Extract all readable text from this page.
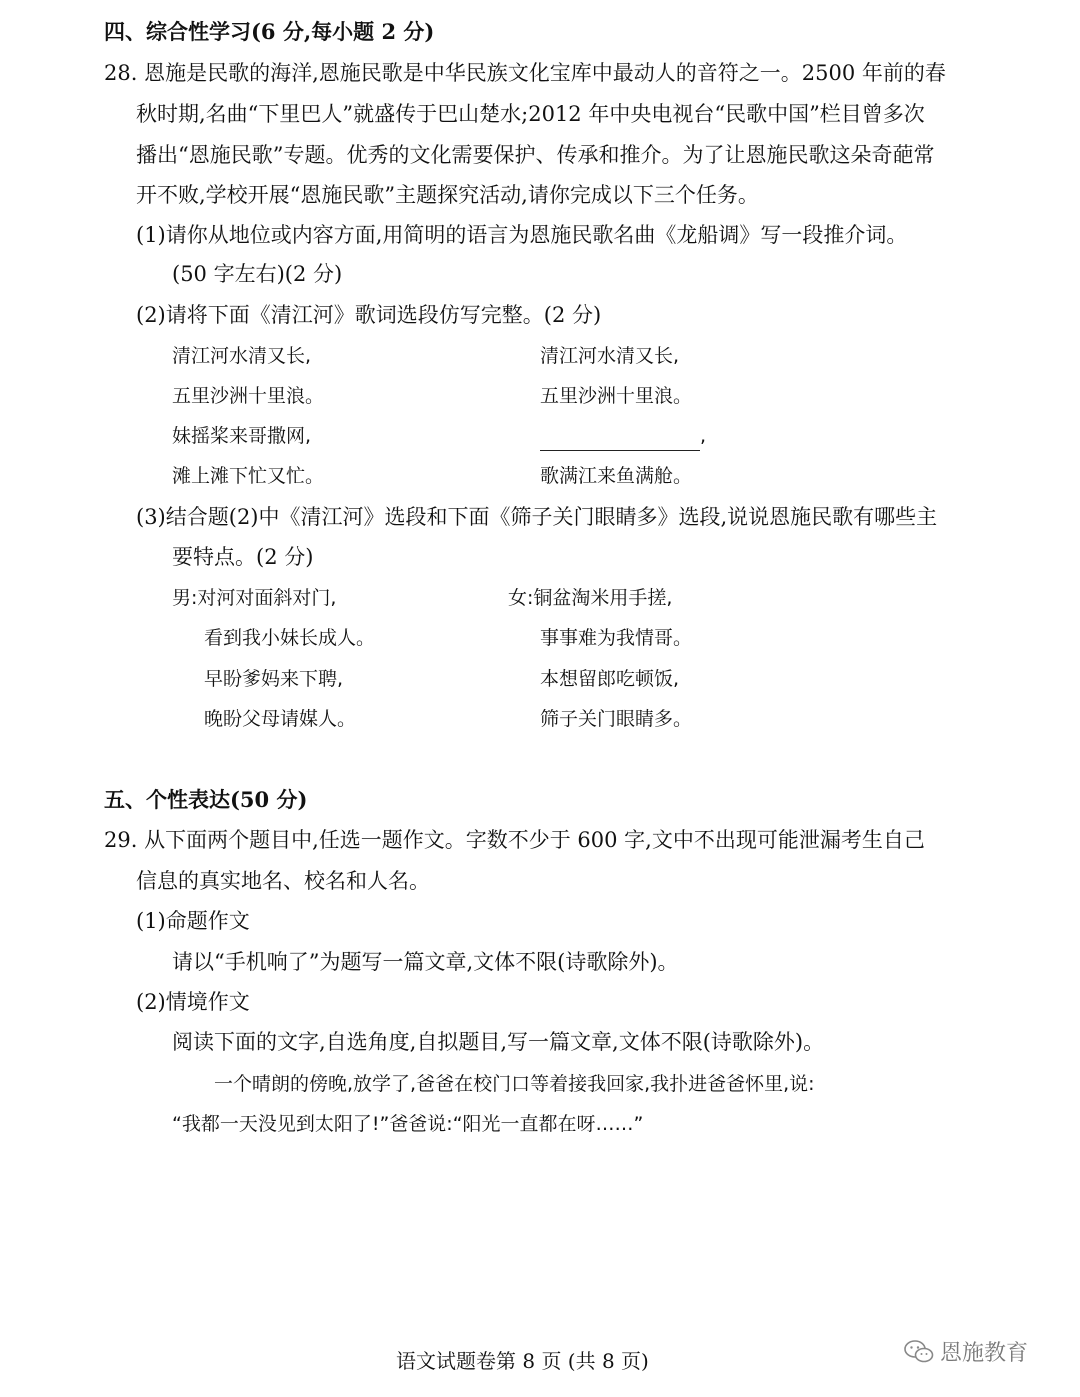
四、综合性学习(6 分,每小题 2 分)
28. 恩施是民歌的海洋,恩施民歌是中华民族文化宝库中最动人的音符之一。2500 年前的春
秋时期,名曲“下里巴人”就盛传于巴山楚水;2012 年中央电视台“民歌中国”栏目曾多次
播出“恩施民歌”专题。优秀的文化需要保护、传承和推介。为了让恩施民歌这朵奇葩常
开不败,学校开展“恩施民歌”主题探究活动,请你完成以下三个任务。
(1)请你从地位或内容方面,用简明的语言为恩施民歌名曲《龙船调》写一段推介词。
(50 字左右)(2 分)
(2)请将下面《清江河》歌词选段仿写完整。(2 分)
清江河水清又长,
五里沙洲十里浪。
妹摇桨来哥撒网,
滩上滩下忙又忙。
清江河水清又长,
五里沙洲十里浪。
,
歌满江来鱼满舱。
(3)结合题(2)中《清江河》选段和下面《筛子关门眼睛多》选段,说说恩施民歌有哪些主
要特点。(2 分)
男:对河对面斜对门,
看到我小妹长成人。
早盼爹妈来下聘,
晚盼父母请媒人。
女:铜盆淘米用手搓,
事事难为我情哥。
本想留郎吃顿饭,
筛子关门眼睛多。
五、个性表达(50 分)
29. 从下面两个题目中,任选一题作文。字数不少于 600 字,文中不出现可能泄漏考生自己
信息的真实地名、校名和人名。
(1)命题作文
请以“手机响了”为题写一篇文章,文体不限(诗歌除外)。
(2)情境作文
阅读下面的文字,自选角度,自拟题目,写一篇文章,文体不限(诗歌除外)。
一个晴朗的傍晚,放学了,爸爸在校门口等着接我回家,我扑进爸爸怀里,说:
“我都一天没见到太阳了!”爸爸说:“阳光一直都在呀……”
语文试题卷第 8 页 (共 8 页)	恩施教育
